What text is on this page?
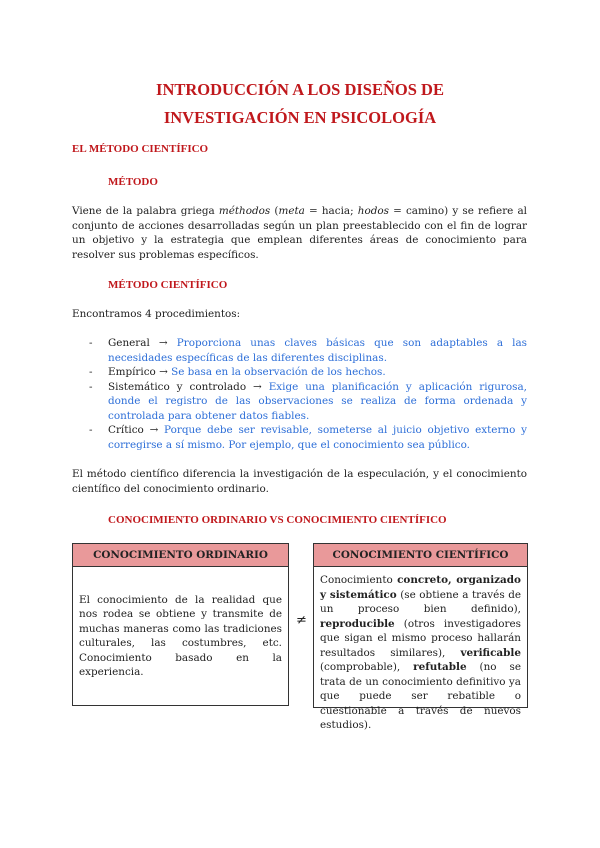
INTRODUCCIÓN A LOS DISEÑOS DE
INVESTIGACIÓN EN PSICOLOGÍA
EL MÉTODO CIENTÍFICO
MÉTODO
Viene de la palabra griega méthodos (meta = hacia; hodos = camino) y se refiere al conjunto de acciones desarrolladas según un plan preestablecido con el fin de lograr un objetivo y la estrategia que emplean diferentes áreas de conocimiento para resolver sus problemas específicos.
MÉTODO CIENTÍFICO
Encontramos 4 procedimientos:
- General → Proporciona unas claves básicas que son adaptables a las necesidades específicas de las diferentes disciplinas.
- Empírico → Se basa en la observación de los hechos.
- Sistemático y controlado → Exige una planificación y aplicación rigurosa, donde el registro de las observaciones se realiza de forma ordenada y controlada para obtener datos fiables.
- Crítico → Porque debe ser revisable, someterse al juicio objetivo externo y corregirse a sí mismo. Por ejemplo, que el conocimiento sea público.
El método científico diferencia la investigación de la especulación, y el conocimiento científico del conocimiento ordinario.
CONOCIMIENTO ORDINARIO VS CONOCIMIENTO CIENTÍFICO
CONOCIMIENTO ORDINARIO
El conocimiento de la realidad que nos rodea se obtiene y transmite de muchas maneras como las tradiciones culturales, las costumbres, etc. Conocimiento basado en la experiencia.
≠
CONOCIMIENTO CIENTÍFICO
Conocimiento concreto, organizado y sistemático (se obtiene a través de un proceso bien definido), reproducible (otros investigadores que sigan el mismo proceso hallarán resultados similares), verificable (comprobable), refutable (no se trata de un conocimiento definitivo ya que puede ser rebatible o cuestionable a través de nuevos estudios).
